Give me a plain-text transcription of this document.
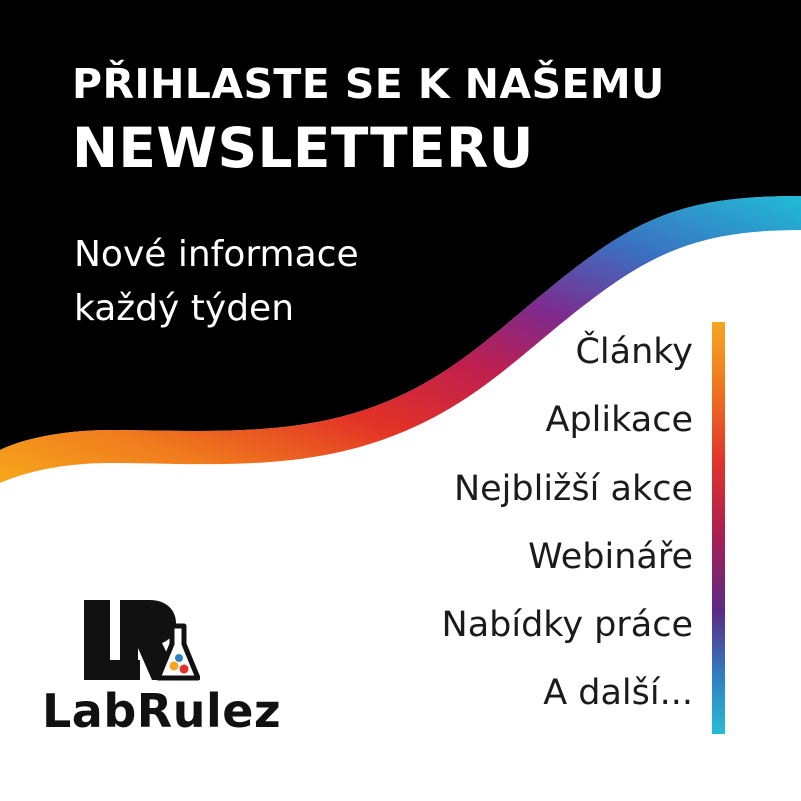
PŘIHLASTE SE K NAŠEMU
NEWSLETTERU
Nové informace
každý týden
Články
Aplikace
Nejbližší akce
Webináře
Nabídky práce
A další...
LabRulez
